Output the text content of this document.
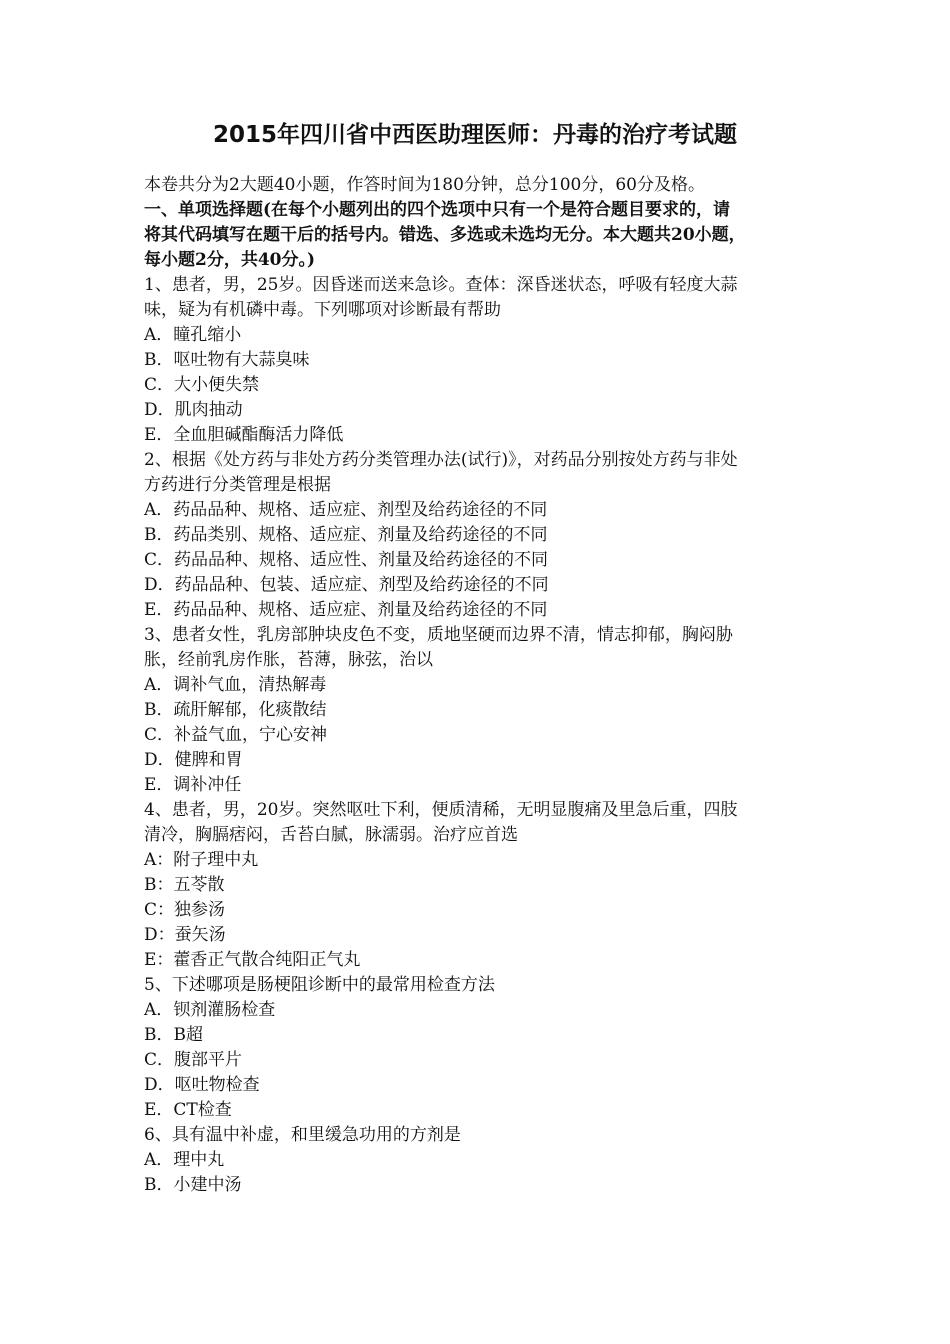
2015年四川省中西医助理医师：丹毒的治疗考试题
本卷共分为2大题40小题，作答时间为180分钟，总分100分，60分及格。
一、单项选择题(在每个小题列出的四个选项中只有一个是符合题目要求的，请
将其代码填写在题干后的括号内。错选、多选或未选均无分。本大题共20小题，
每小题2分，共40分。)
1、患者，男，25岁。因昏迷而送来急诊。查体：深昏迷状态，呼吸有轻度大蒜
味，疑为有机磷中毒。下列哪项对诊断最有帮助
A．瞳孔缩小
B．呕吐物有大蒜臭味
C．大小便失禁
D．肌肉抽动
E．全血胆碱酯酶活力降低
2、根据《处方药与非处方药分类管理办法(试行)》，对药品分别按处方药与非处
方药进行分类管理是根据
A．药品品种、规格、适应症、剂型及给药途径的不同
B．药品类别、规格、适应症、剂量及给药途径的不同
C．药品品种、规格、适应性、剂量及给药途径的不同
D．药品品种、包装、适应症、剂型及给药途径的不同
E．药品品种、规格、适应症、剂量及给药途径的不同
3、患者女性，乳房部肿块皮色不变，质地坚硬而边界不清，情志抑郁，胸闷胁
胀，经前乳房作胀，苔薄，脉弦，治以
A．调补气血，清热解毒
B．疏肝解郁，化痰散结
C．补益气血，宁心安神
D．健脾和胃
E．调补冲任
4、患者，男，20岁。突然呕吐下利，便质清稀，无明显腹痛及里急后重，四肢
清冷，胸膈痞闷，舌苔白腻，脉濡弱。治疗应首选
A：附子理中丸
B：五苓散
C：独参汤
D：蚕矢汤
E：藿香正气散合纯阳正气丸
5、下述哪项是肠梗阻诊断中的最常用检查方法
A．钡剂灌肠检查
B．B超
C．腹部平片
D．呕吐物检查
E．CT检查
6、具有温中补虚，和里缓急功用的方剂是
A．理中丸
B．小建中汤
